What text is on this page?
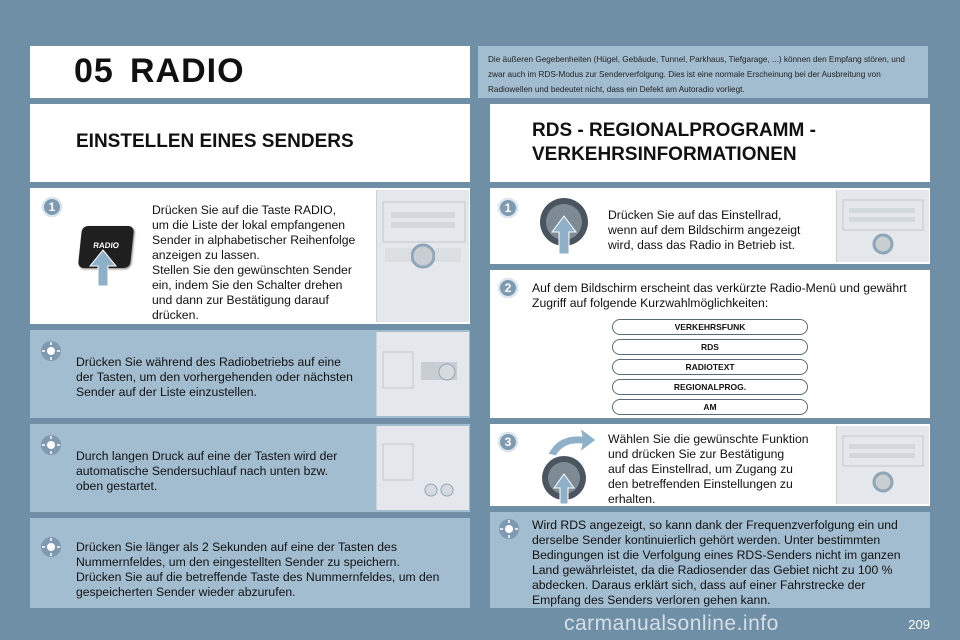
05 RADIO	Die äußeren Gegebenheiten (Hügel, Gebäude, Tunnel, Parkhaus, Tiefgarage, ...) können den Empfang stören, und zwar auch im RDS-Modus zur Senderverfolgung. Dies ist eine normale Erscheinung bei der Ausbreitung von Radiowellen und bedeutet nicht, dass ein Defekt am Autoradio vorliegt.

EINSTELLEN EINES SENDERS
1
RADIO
Drücken Sie auf die Taste RADIO,
um die Liste der lokal empfangenen
Sender in alphabetischer Reihenfolge
anzeigen zu lassen.
Stellen Sie den gewünschten Sender
ein, indem Sie den Schalter drehen
und dann zur Bestätigung darauf
drücken.
Drücken Sie während des Radiobetriebs auf eine
der Tasten, um den vorhergehenden oder nächsten
Sender auf der Liste einzustellen.
Durch langen Druck auf eine der Tasten wird der
automatische Sendersuchlauf nach unten bzw.
oben gestartet.
Drücken Sie länger als 2 Sekunden auf eine der Tasten des
Nummernfeldes, um den eingestellten Sender zu speichern.
Drücken Sie auf die betreffende Taste des Nummernfeldes, um den
gespeicherten Sender wieder abzurufen.
RDS - REGIONALPROGRAMM -
VERKEHRSINFORMATIONEN
1	Drücken Sie auf das Einstellrad,
wenn auf dem Bildschirm angezeigt
wird, dass das Radio in Betrieb ist.
2	Auf dem Bildschirm erscheint das verkürzte Radio-Menü und gewährt
Zugriff auf folgende Kurzwahlmöglichkeiten:
VERKEHRSFUNK
RDS
RADIOTEXT
REGIONALPROG.
AM
3	Wählen Sie die gewünschte Funktion
und drücken Sie zur Bestätigung
auf das Einstellrad, um Zugang zu
den betreffenden Einstellungen zu
erhalten.
Wird RDS angezeigt, so kann dank der Frequenzverfolgung ein und
derselbe Sender kontinuierlich gehört werden. Unter bestimmten
Bedingungen ist die Verfolgung eines RDS-Senders nicht im ganzen
Land gewährleistet, da die Radiosender das Gebiet nicht zu 100 %
abdecken. Daraus erklärt sich, dass auf einer Fahrstrecke der
Empfang des Senders verloren gehen kann.
carmanualsonline.info	209
